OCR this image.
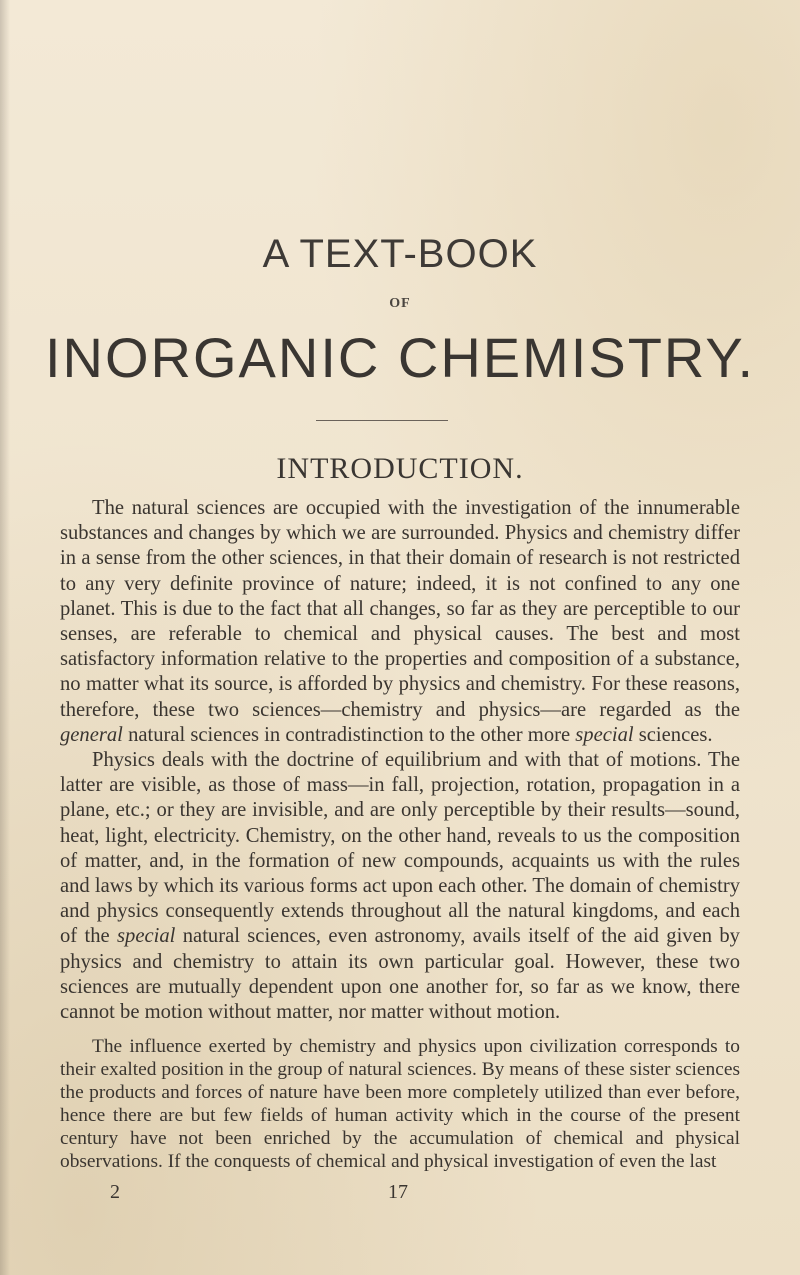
A TEXT-BOOK
OF
INORGANIC CHEMISTRY.
INTRODUCTION.

The natural sciences are occupied with the investigation of the innumerable substances and changes by which we are surrounded. Physics and chemistry differ in a sense from the other sciences, in that their domain of research is not restricted to any very definite province of nature; indeed, it is not confined to any one planet. This is due to the fact that all changes, so far as they are perceptible to our senses, are referable to chemical and physical causes. The best and most satisfactory information relative to the properties and composition of a substance, no matter what its source, is afforded by physics and chemistry. For these reasons, therefore, these two sciences—chemistry and physics—are regarded as the general natural sciences in contradistinction to the other more special sciences.

Physics deals with the doctrine of equilibrium and with that of motions. The latter are visible, as those of mass—in fall, projection, rotation, propagation in a plane, etc.; or they are invisible, and are only perceptible by their results—sound, heat, light, electricity. Chemistry, on the other hand, reveals to us the composition of matter, and, in the formation of new compounds, acquaints us with the rules and laws by which its various forms act upon each other. The domain of chemistry and physics consequently extends throughout all the natural kingdoms, and each of the special natural sciences, even astronomy, avails itself of the aid given by physics and chemistry to attain its own particular goal. However, these two sciences are mutually dependent upon one another for, so far as we know, there cannot be motion without matter, nor matter without motion.

The influence exerted by chemistry and physics upon civilization corresponds to their exalted position in the group of natural sciences. By means of these sister sciences the products and forces of nature have been more completely utilized than ever before, hence there are but few fields of human activity which in the course of the present century have not been enriched by the accumulation of chemical and physical observations. If the conquests of chemical and physical investigation of even the last

2	17
